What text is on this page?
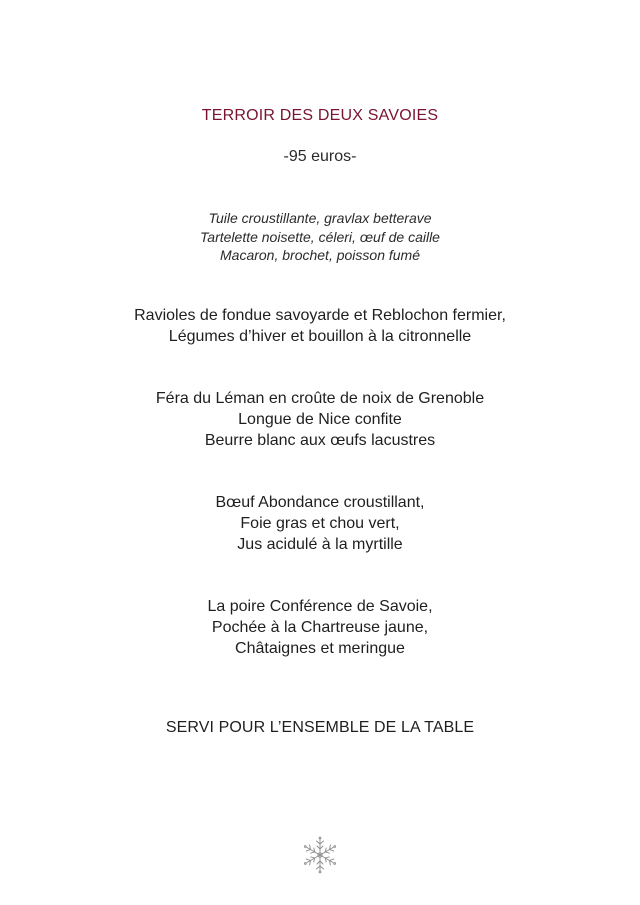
TERROIR DES DEUX SAVOIES
-95 euros-
Tuile croustillante, gravlax betterave
Tartelette noisette, céleri, œuf de caille
Macaron, brochet, poisson fumé
Ravioles de fondue savoyarde et Reblochon fermier,
Légumes d’hiver et bouillon à la citronnelle
Féra du Léman en croûte de noix de Grenoble
Longue de Nice confite
Beurre blanc aux œufs lacustres
Bœuf Abondance croustillant,
Foie gras et chou vert,
Jus acidulé à la myrtille
La poire Conférence de Savoie,
Pochée à la Chartreuse jaune,
Châtaignes et meringue
SERVI POUR L’ENSEMBLE DE LA TABLE
